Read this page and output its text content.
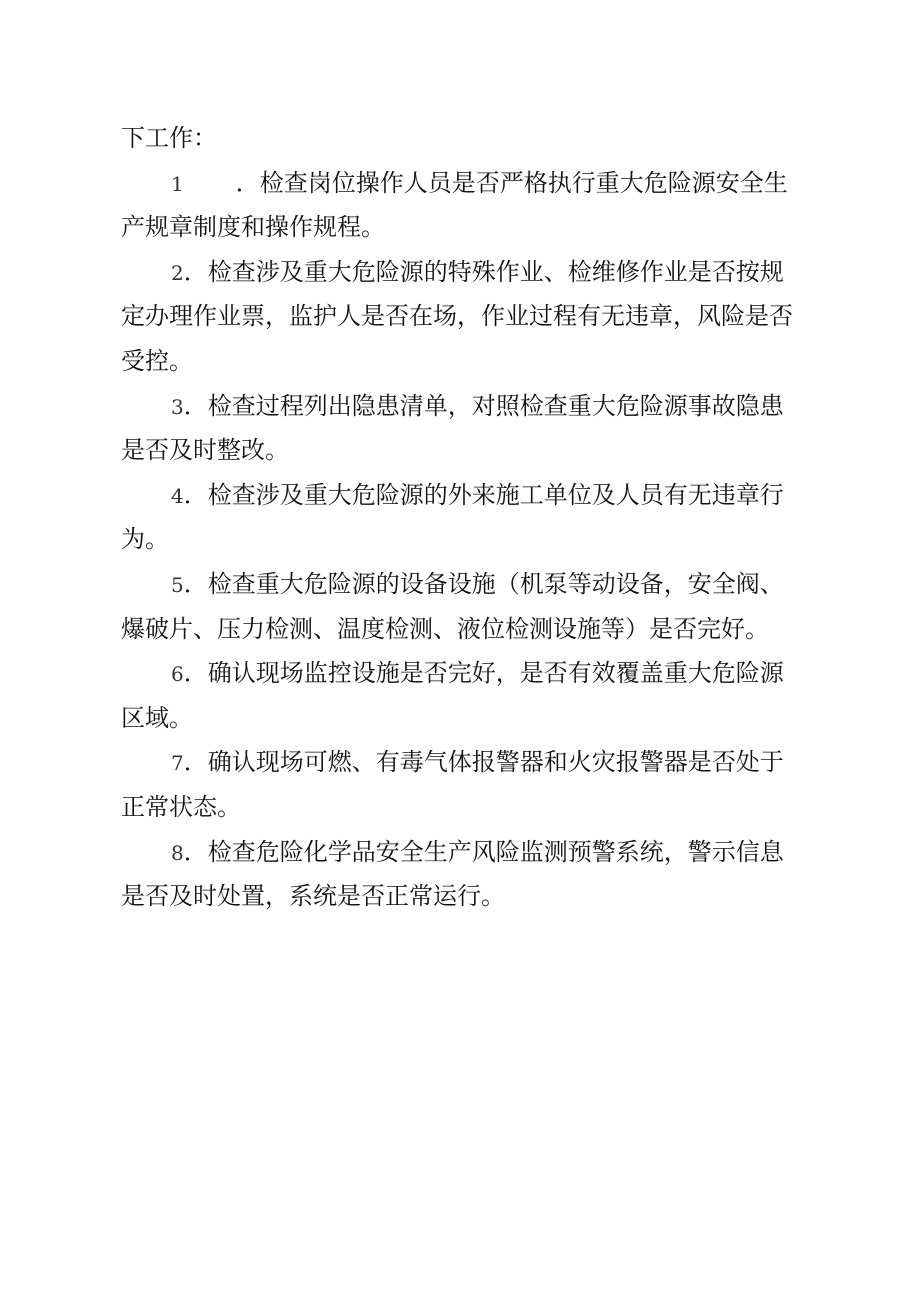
下工作：
1 ．检查岗位操作人员是否严格执行重大危险源安全生
产规章制度和操作规程。
2．检查涉及重大危险源的特殊作业、检维修作业是否按规
定办理作业票，监护人是否在场，作业过程有无违章，风险是否
受控。
3．检查过程列出隐患清单，对照检查重大危险源事故隐患
是否及时整改。
4．检查涉及重大危险源的外来施工单位及人员有无违章行
为。
5．检查重大危险源的设备设施（机泵等动设备，安全阀、
爆破片、压力检测、温度检测、液位检测设施等）是否完好。
6．确认现场监控设施是否完好，是否有效覆盖重大危险源
区域。
7．确认现场可燃、有毒气体报警器和火灾报警器是否处于
正常状态。
8．检查危险化学品安全生产风险监测预警系统，警示信息
是否及时处置，系统是否正常运行。
